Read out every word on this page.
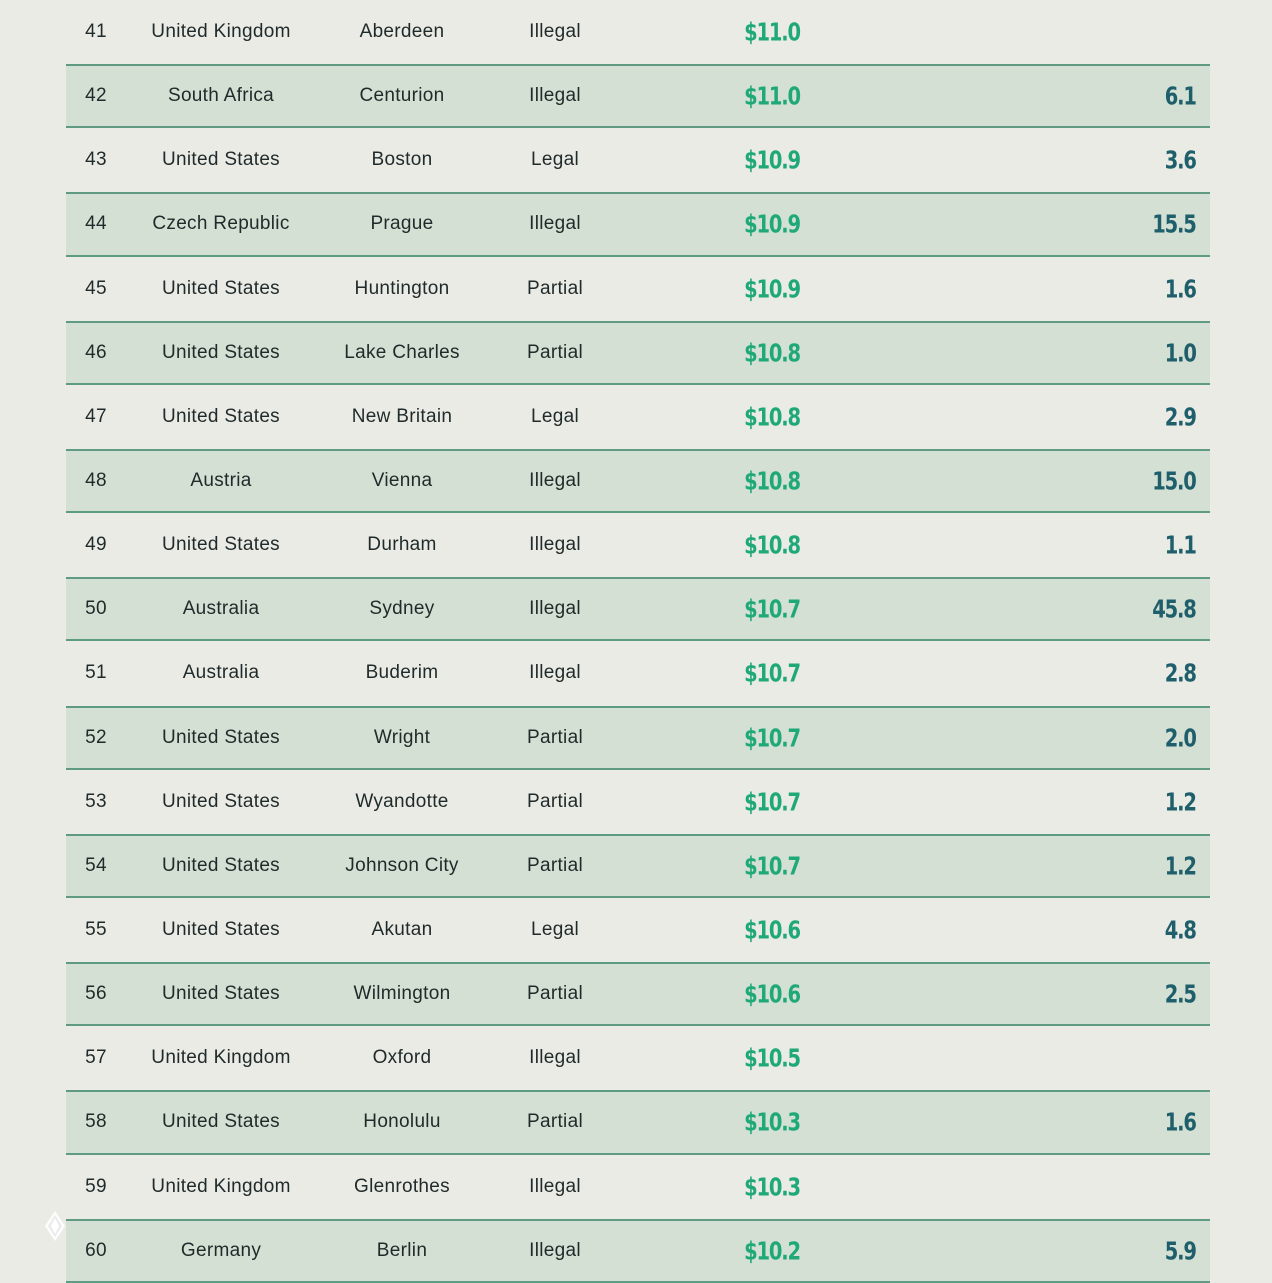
41 United Kingdom	Aberdeen	Illegal	$11.0
42	South Africa	Centurion	Illegal	$11.0	6.1
43	United States	Boston	Legal	$10.9	3.6
44 Czech Republic	Prague	Illegal	$10.9	15.5
45	United States	Huntington	Partial	$10.9	1.6
46	United States	Lake Charles	Partial	$10.8	1.0
47	United States	New Britain	Legal	$10.8	2.9
48	Austria	Vienna	Illegal	$10.8	15.0
49	United States	Durham	Illegal	$10.8	1.1
50	Australia	Sydney	Illegal	$10.7	45.8
51	Australia	Buderim	Illegal	$10.7	2.8
52	United States	Wright	Partial	$10.7	2.0
53	United States	Wyandotte	Partial	$10.7	1.2
54	United States	Johnson City	Partial	$10.7	1.2
55	United States	Akutan	Legal	$10.6	4.8
56	United States	Wilmington	Partial	$10.6	2.5
57 United Kingdom	Oxford	Illegal	$10.5
58	United States	Honolulu	Partial	$10.3	1.6
59 United Kingdom	Glenrothes	Illegal	$10.3
60	Germany	Berlin	Illegal	$10.2	5.9
